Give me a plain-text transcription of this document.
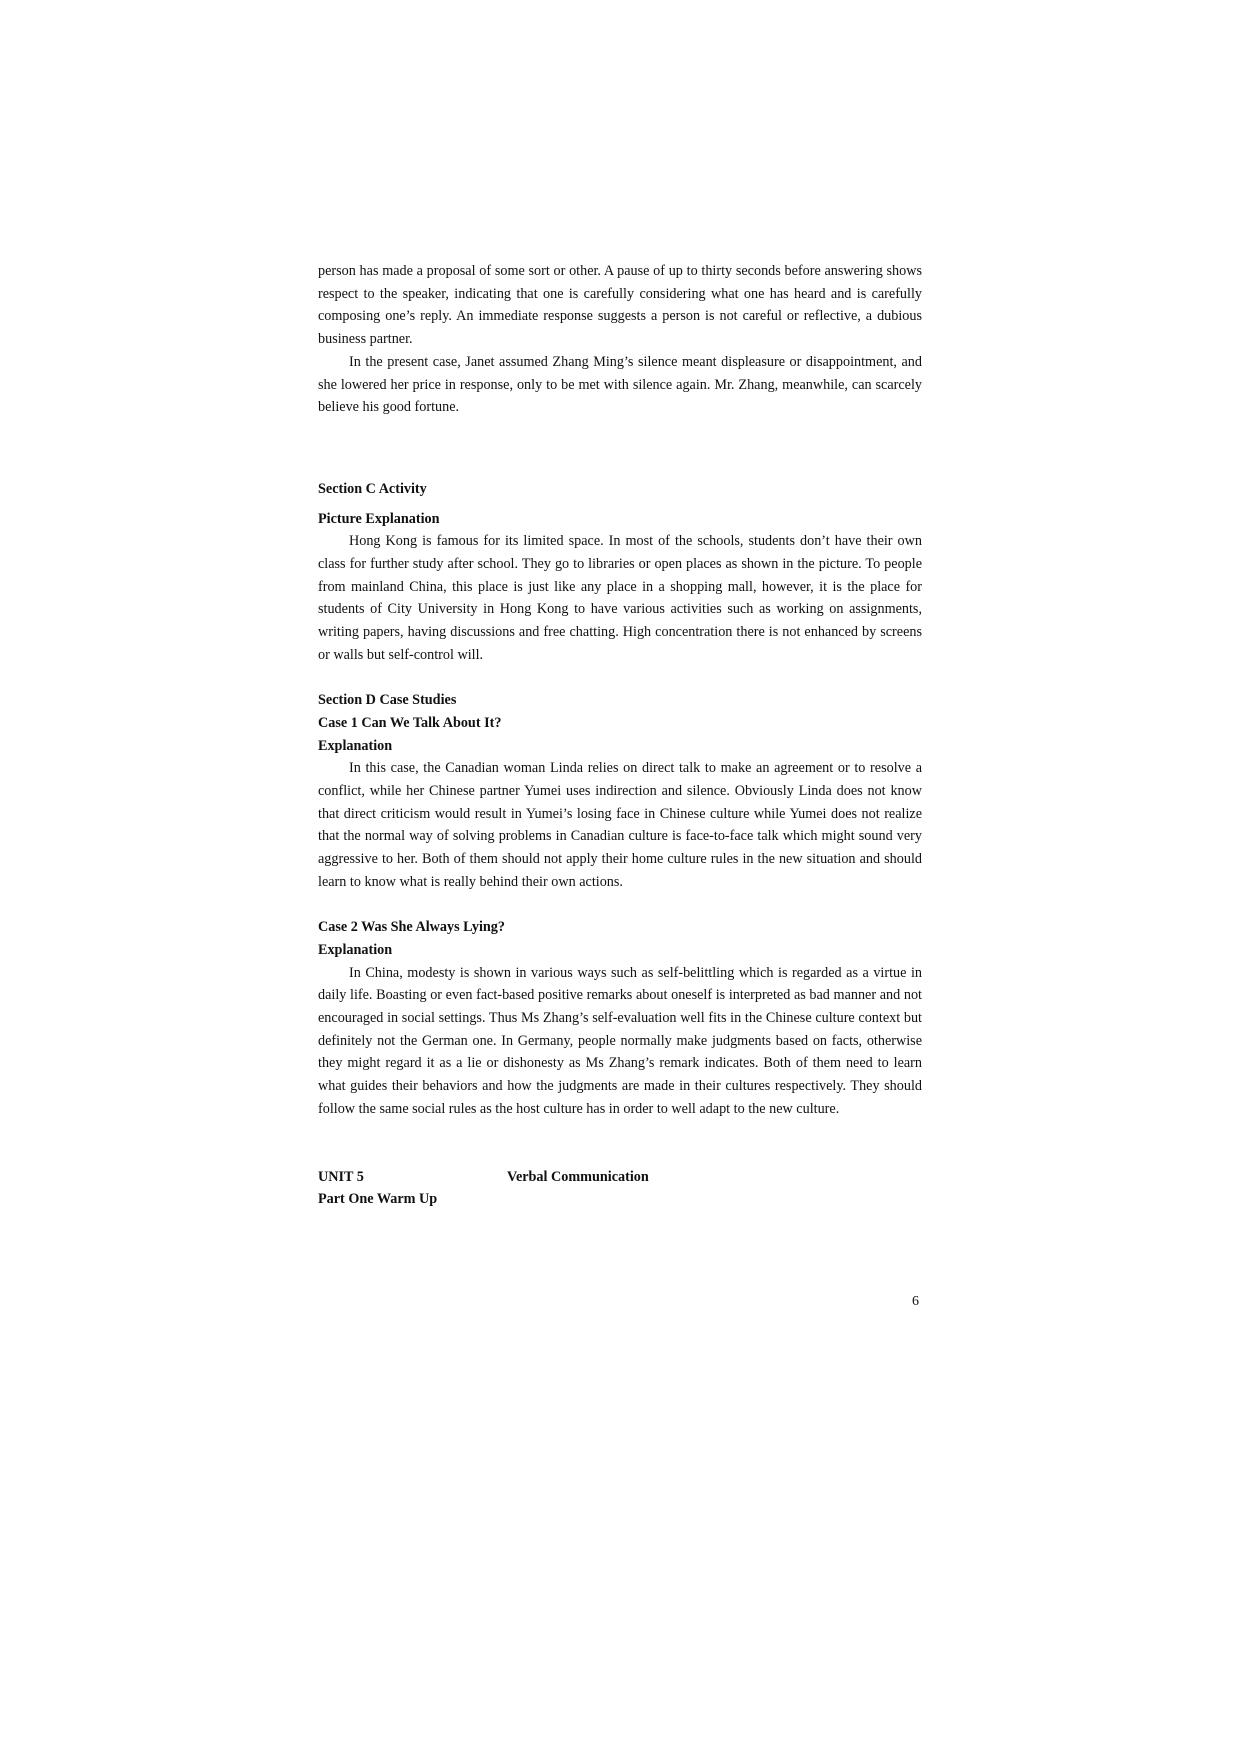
person has made a proposal of some sort or other. A pause of up to thirty seconds before answering shows respect to the speaker, indicating that one is carefully considering what one has heard and is carefully composing one’s reply. An immediate response suggests a person is not careful or reflective, a dubious business partner.

In the present case, Janet assumed Zhang Ming’s silence meant displeasure or disappointment, and she lowered her price in response, only to be met with silence again. Mr. Zhang, meanwhile, can scarcely believe his good fortune.

Section C Activity
Picture Explanation

Hong Kong is famous for its limited space. In most of the schools, students don’t have their own class for further study after school. They go to libraries or open places as shown in the picture. To people from mainland China, this place is just like any place in a shopping mall, however, it is the place for students of City University in Hong Kong to have various activities such as working on assignments, writing papers, having discussions and free chatting. High concentration there is not enhanced by screens or walls but self-control will.

Section D Case Studies
Case 1 Can We Talk About It?
Explanation

In this case, the Canadian woman Linda relies on direct talk to make an agreement or to resolve a conflict, while her Chinese partner Yumei uses indirection and silence. Obviously Linda does not know that direct criticism would result in Yumei’s losing face in Chinese culture while Yumei does not realize that the normal way of solving problems in Canadian culture is face-to-face talk which might sound very aggressive to her. Both of them should not apply their home culture rules in the new situation and should learn to know what is really behind their own actions.

Case 2 Was She Always Lying?
Explanation

In China, modesty is shown in various ways such as self-belittling which is regarded as a virtue in daily life. Boasting or even fact-based positive remarks about oneself is interpreted as bad manner and not encouraged in social settings. Thus Ms Zhang’s self-evaluation well fits in the Chinese culture context but definitely not the German one. In Germany, people normally make judgments based on facts, otherwise they might regard it as a lie or dishonesty as Ms Zhang’s remark indicates. Both of them need to learn what guides their behaviors and how the judgments are made in their cultures respectively. They should follow the same social rules as the host culture has in order to well adapt to the new culture.

UNIT 5	Verbal Communication
Part One Warm Up
6
